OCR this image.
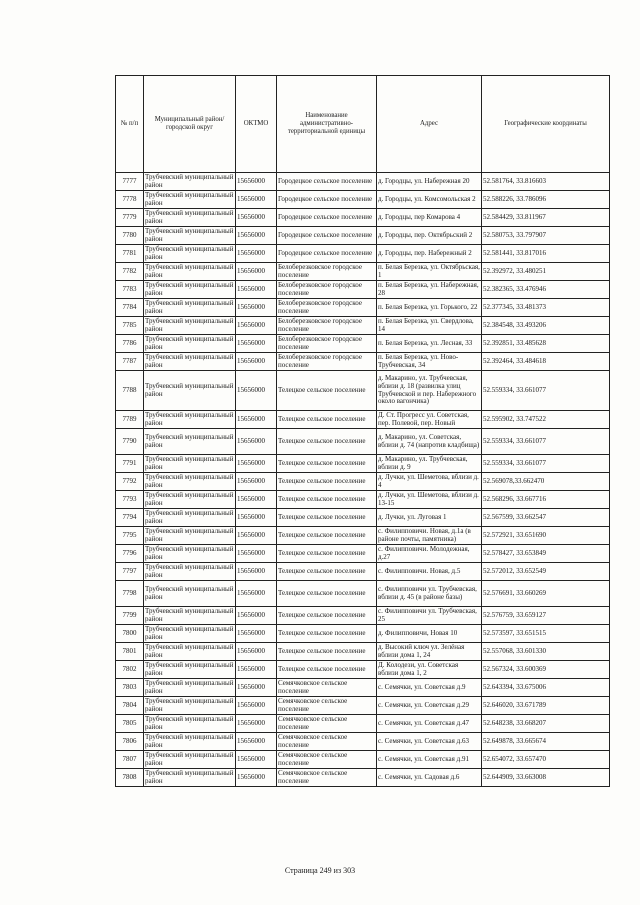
№ п/п	Муниципальный район/городской округ	ОКТМО	Наименование административно-территориальной единицы	Адрес	Географические координаты
7777	Трубчевский муниципальный район	15656000	Городецкое сельское поселение	д. Городцы, ул. Набережная 20	52.581764, 33.816603
7778	Трубчевский муниципальный район	15656000	Городецкое сельское поселение	д. Городцы, ул. Комсомольская 2	52.588226, 33.786096
7779	Трубчевский муниципальный район	15656000	Городецкое сельское поселение	д. Городцы, пер Комарова 4	52.584429, 33.811967
7780	Трубчевский муниципальный район	15656000	Городецкое сельское поселение	д. Городцы, пер. Октябрьский 2	52.580753, 33.797907
7781	Трубчевский муниципальный район	15656000	Городецкое сельское поселение	д. Городцы, пер. Набережный 2	52.581441, 33.817016
7782	Трубчевский муниципальный район	15656000	Белоберезковское городское поселение	п. Белая Березка, ул. Октябрьская, 1	52.392972, 33.480251
7783	Трубчевский муниципальный район	15656000	Белоберезковское городское поселение	п. Белая Березка, ул. Набережная, 28	52.382365, 33.476946
7784	Трубчевский муниципальный район	15656000	Белоберезковское городское поселение	п. Белая Березка, ул. Горького, 22	52.377345, 33.481373
7785	Трубчевский муниципальный район	15656000	Белоберезковское городское поселение	п. Белая Березка, ул. Свердлова, 14	52.384548, 33.493206
7786	Трубчевский муниципальный район	15656000	Белоберезковское городское поселение	п. Белая Березка, ул. Лесная, 33	52.392851, 33.485628
7787	Трубчевский муниципальный район	15656000	Белоберезковское городское поселение	п. Белая Березка, ул. Ново-Трубчевская, 34	52.392464, 33.484618
7788	Трубчевский муниципальный район	15656000	Телецкое сельское поселение	д. Макарино, ул. Трубчевская, вблизи д. 18 (развилка улиц Трубчевской и пер. Набережного около вагончика)	52.559334, 33.661077
7789	Трубчевский муниципальный район	15656000	Телецкое сельское поселение	Д. Ст. Прогресс ул. Советская, пер. Полевой, пер. Новый	52.595902, 33.747522
7790	Трубчевский муниципальный район	15656000	Телецкое сельское поселение	д. Макарино, ул. Советская, вблизи д. 74 (напротив кладбища)	52.559334, 33.661077
7791	Трубчевский муниципальный район	15656000	Телецкое сельское поселение	д. Макарино, ул. Трубчевская, вблизи д. 9	52.559334, 33.661077
7792	Трубчевский муниципальный район	15656000	Телецкое сельское поселение	д. Лучки, ул. Шеметова, вблизи д. 4	52.569078,33.662470
7793	Трубчевский муниципальный район	15656000	Телецкое сельское поселение	д. Лучки, ул. Шеметова, вблизи д. 13-15	52.568296, 33.667716
7794	Трубчевский муниципальный район	15656000	Телецкое сельское поселение	д. Лучки, ул. Луговая 1	52.567599, 33.662547
7795	Трубчевский муниципальный район	15656000	Телецкое сельское поселение	с. Филипповичи. Новая, д.1а (в районе почты, памятника)	52.572921, 33.651690
7796	Трубчевский муниципальный район	15656000	Телецкое сельское поселение	с. Филипповичи. Молодежная, д.27	52.578427, 33.653849
7797	Трубчевский муниципальный район	15656000	Телецкое сельское поселение	с. Филипповичи. Новая, д.5	52.572012, 33.652549
7798	Трубчевский муниципальный район	15656000	Телецкое сельское поселение	с. Филипповичи ул. Трубчевская, вблизи д. 45 (в районе базы)	52.576691, 33.660269
7799	Трубчевский муниципальный район	15656000	Телецкое сельское поселение	с. Филипповичи ул. Трубчевская, 25	52.576759, 33.659127
7800	Трубчевский муниципальный район	15656000	Телецкое сельское поселение	д. Филипповичи, Новая 10	52.573597, 33.651515
7801	Трубчевский муниципальный район	15656000	Телецкое сельское поселение	д. Высокий ключ ул. Зелёная вблизи дома 1, 24	52.557068, 33.601330
7802	Трубчевский муниципальный район	15656000	Телецкое сельское поселение	Д. Колодези, ул. Советская вблизи дома 1, 2	52.567324, 33.600369
7803	Трубчевский муниципальный район	15656000	Семячковское сельское поселение	с. Семячки, ул. Советская д.9	52.643394, 33.675006
7804	Трубчевский муниципальный район	15656000	Семячковское сельское поселение	с. Семячки, ул. Советская д.29	52.646020, 33.671789
7805	Трубчевский муниципальный район	15656000	Семячковское сельское поселение	с. Семячки, ул. Советская д.47	52.648238, 33.668207
7806	Трубчевский муниципальный район	15656000	Семячковское сельское поселение	с. Семячки, ул. Советская д.63	52.649878, 33.665674
7807	Трубчевский муниципальный район	15656000	Семячковское сельское поселение	с. Семячки, ул. Советская д.91	52.654072, 33.657470
7808	Трубчевский муниципальный район	15656000	Семячковское сельское поселение	с. Семячки, ул. Садовая д.6	52.644909, 33.663008
Страница 249 из 303
